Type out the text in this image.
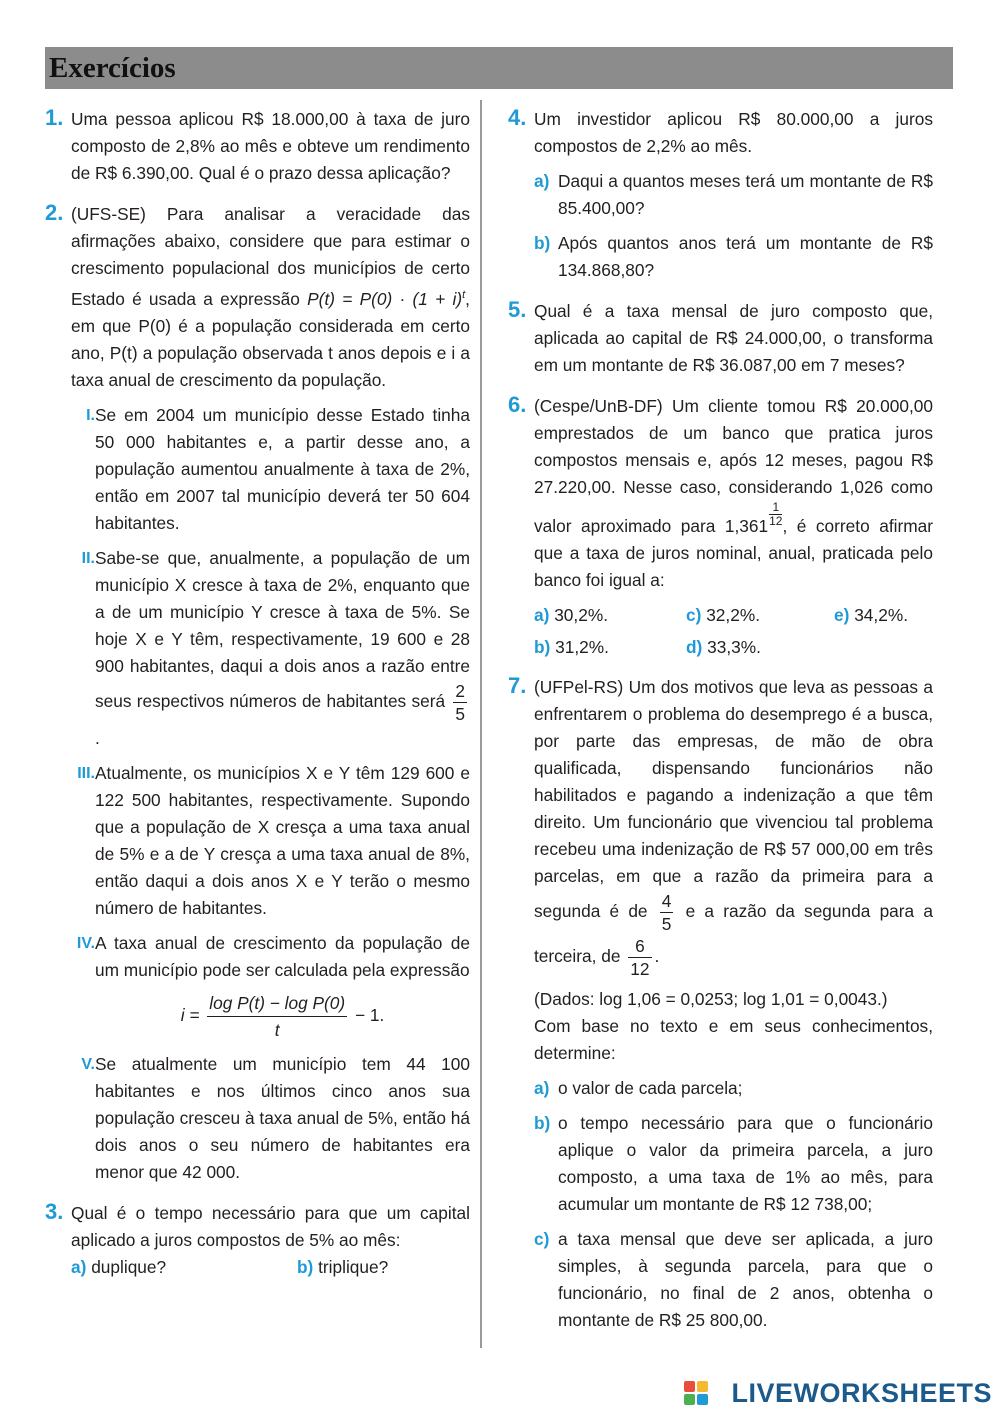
Exercícios
1. Uma pessoa aplicou R$ 18.000,00 à taxa de juro composto de 2,8% ao mês e obteve um rendimento de R$ 6.390,00. Qual é o prazo dessa aplicação?
2. (UFS-SE) Para analisar a veracidade das afirmações abaixo, considere que para estimar o crescimento populacional dos municípios de certo Estado é usada a expressão $P(t) = P(0) \cdot (1 + i)^t$, em que P(0) é a população considerada em certo ano, P(t) a população observada t anos depois e i a taxa anual de crescimento da população.
I. Se em 2004 um município desse Estado tinha 50 000 habitantes e, a partir desse ano, a população aumentou anualmente à taxa de 2%, então em 2007 tal município deverá ter 50 604 habitantes.
II. Sabe-se que, anualmente, a população de um município X cresce à taxa de 2%, enquanto que a de um município Y cresce à taxa de 5%. Se hoje X e Y têm, respectivamente, 19 600 e 28 900 habitantes, daqui a dois anos a razão entre seus respectivos números de habitantes será $\frac{2}{5}$
.
III. Atualmente, os municípios X e Y têm 129 600 e 122 500 habitantes, respectivamente. Supondo que a população de X cresça a uma taxa anual de 5% e a de Y cresça a uma taxa anual de 8%, então daqui a dois anos X e Y terão o mesmo número de habitantes.
IV. A taxa anual de crescimento da população de um município pode ser calculada pela expressão
$i = \frac{\text{log P(t) − log P(0)}}{t} - 1$.
V. Se atualmente um município tem 44 100 habitantes e nos últimos cinco anos sua população cresceu à taxa anual de 5%, então há dois anos o seu número de habitantes era menor que 42 000.
3. Qual é o tempo necessário para que um capital aplicado a juros compostos de 5% ao mês:
a) duplique?	b) triplique?
4. Um investidor aplicou R$ 80.000,00 a juros compostos de 2,2% ao mês.
a) Daqui a quantos meses terá um montante de R$ 85.400,00?
b) Após quantos anos terá um montante de R$ 134.868,80?
5. Qual é a taxa mensal de juro composto que, aplicada ao capital de R$ 24.000,00, o transforma em um montante de R$ 36.087,00 em 7 meses?
6. (Cespe/UnB-DF) Um cliente tomou R$ 20.000,00 emprestados de um banco que pratica juros compostos mensais e, após 12 meses, pagou R$ 27.220,00. Nesse caso, considerando 1,026 como valor aproximado para $1,361 \frac{1}{12}$, é correto afirmar que a taxa de juros nominal, anual, praticada pelo banco foi igual a:
a) 30,2%.	c) 32,2%.	e) 34,2%.
b) 31,2%.	d) 33,3%.
7. (UFPel-RS) Um dos motivos que leva as pessoas a enfrentarem o problema do desemprego é a busca, por parte das empresas, de mão de obra qualificada, dispensando funcionários não habilitados e pagando a indenização a que têm direito. Um funcionário que vivenciou tal problema recebeu uma indenização de R$ 57 000,00 em três parcelas, em que a razão da primeira para a segunda é de $\frac{4}{5}$ e a razão da segunda para a terceira, de $\frac{6}{12}$ .
(Dados: log 1,06 = 0,0253; log 1,01 = 0,0043.)
Com base no texto e em seus conhecimentos, determine:
a) o valor de cada parcela;
b) o tempo necessário para que o funcionário aplique o valor da primeira parcela, a juro composto, a uma taxa de 1% ao mês, para acumular um montante de R$ 12 738,00;
c) a taxa mensal que deve ser aplicada, a juro simples, à segunda parcela, para que o funcionário, no final de 2 anos, obtenha o montante de R$ 25 800,00.
LIVEWORKSHEETS
